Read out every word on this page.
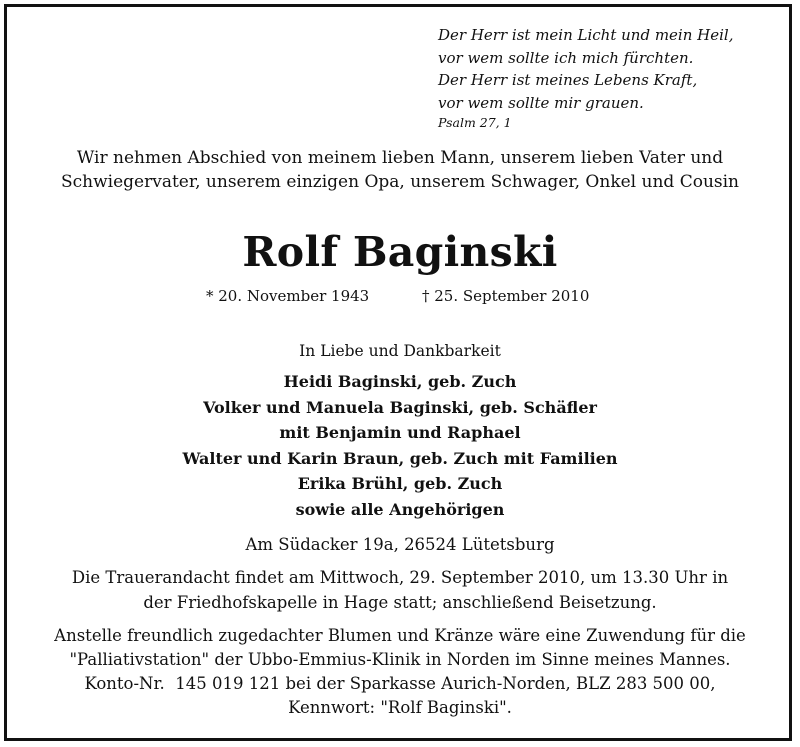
Der Herr ist mein Licht und mein Heil,
vor wem sollte ich mich fürchten.
Der Herr ist meines Lebens Kraft,
vor wem sollte mir grauen.
Psalm 27, 1
Wir nehmen Abschied von meinem lieben Mann, unserem lieben Vater und
Schwiegervater, unserem einzigen Opa, unserem Schwager, Onkel und Cousin
Rolf Baginski
* 20. November 1943	† 25. September 2010
In Liebe und Dankbarkeit
Heidi Baginski, geb. Zuch
Volker und Manuela Baginski, geb. Schäfler
mit Benjamin und Raphael
Walter und Karin Braun, geb. Zuch mit Familien
Erika Brühl, geb. Zuch
sowie alle Angehörigen
Am Südacker 19a, 26524 Lütetsburg
Die Trauerandacht findet am Mittwoch, 29. September 2010, um 13.30 Uhr in
der Friedhofskapelle in Hage statt; anschließend Beisetzung.
Anstelle freundlich zugedachter Blumen und Kränze wäre eine Zuwendung für die
"Palliativstation" der Ubbo-Emmius-Klinik in Norden im Sinne meines Mannes.
Konto-Nr.  145 019 121 bei der Sparkasse Aurich-Norden, BLZ 283 500 00,
Kennwort: "Rolf Baginski".
